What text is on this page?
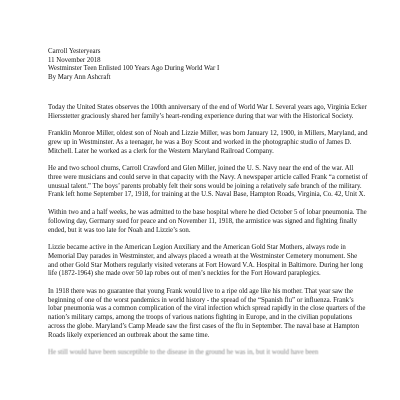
Carroll Yesteryears
11 November 2018
Westminster Teen Enlisted 100 Years Ago During World War I
By Mary Ann Ashcraft

Today the United States observes the 100th anniversary of the end of World War I. Several years ago, Virginia Ecker Hiersstetter graciously shared her family’s heart-rending experience during that war with the Historical Society.

Franklin Monroe Miller, oldest son of Noah and Lizzie Miller, was born January 12, 1900, in Millers, Maryland, and grew up in Westminster. As a teenager, he was a Boy Scout and worked in the photographic studio of James D. Mitchell. Later he worked as a clerk for the Western Maryland Railroad Company.

He and two school chums, Carroll Crawford and Glen Miller, joined the U. S. Navy near the end of the war. All three were musicians and could serve in that capacity with the Navy. A newspaper article called Frank “a cornetist of unusual talent.” The boys’ parents probably felt their sons would be joining a relatively safe branch of the military. Frank left home September 17, 1918, for training at the U.S. Naval Base, Hampton Roads, Virginia, Co. 42, Unit X.

Within two and a half weeks, he was admitted to the base hospital where he died October 5 of lobar pneumonia. The following day, Germany sued for peace and on November 11, 1918, the armistice was signed and fighting finally ended, but it was too late for Noah and Lizzie’s son.

Lizzie became active in the American Legion Auxiliary and the American Gold Star Mothers, always rode in Memorial Day parades in Westminster, and always placed a wreath at the Westminster Cemetery monument. She and other Gold Star Mothers regularly visited veterans at Fort Howard V.A. Hospital in Baltimore. During her long life (1872-1964) she made over 50 lap robes out of men’s neckties for the Fort Howard paraplegics.

In 1918 there was no guarantee that young Frank would live to a ripe old age like his mother. That year saw the beginning of one of the worst pandemics in world history - the spread of the “Spanish flu” or influenza. Frank’s lobar pneumonia was a common complication of the viral infection which spread rapidly in the close quarters of the nation’s military camps, among the troops of various nations fighting in Europe, and in the civilian populations across the globe. Maryland’s Camp Meade saw the first cases of the flu in September. The naval base at Hampton Roads likely experienced an outbreak about the same time.

He still would have been susceptible to the disease in the ground he was in, but it would have been
